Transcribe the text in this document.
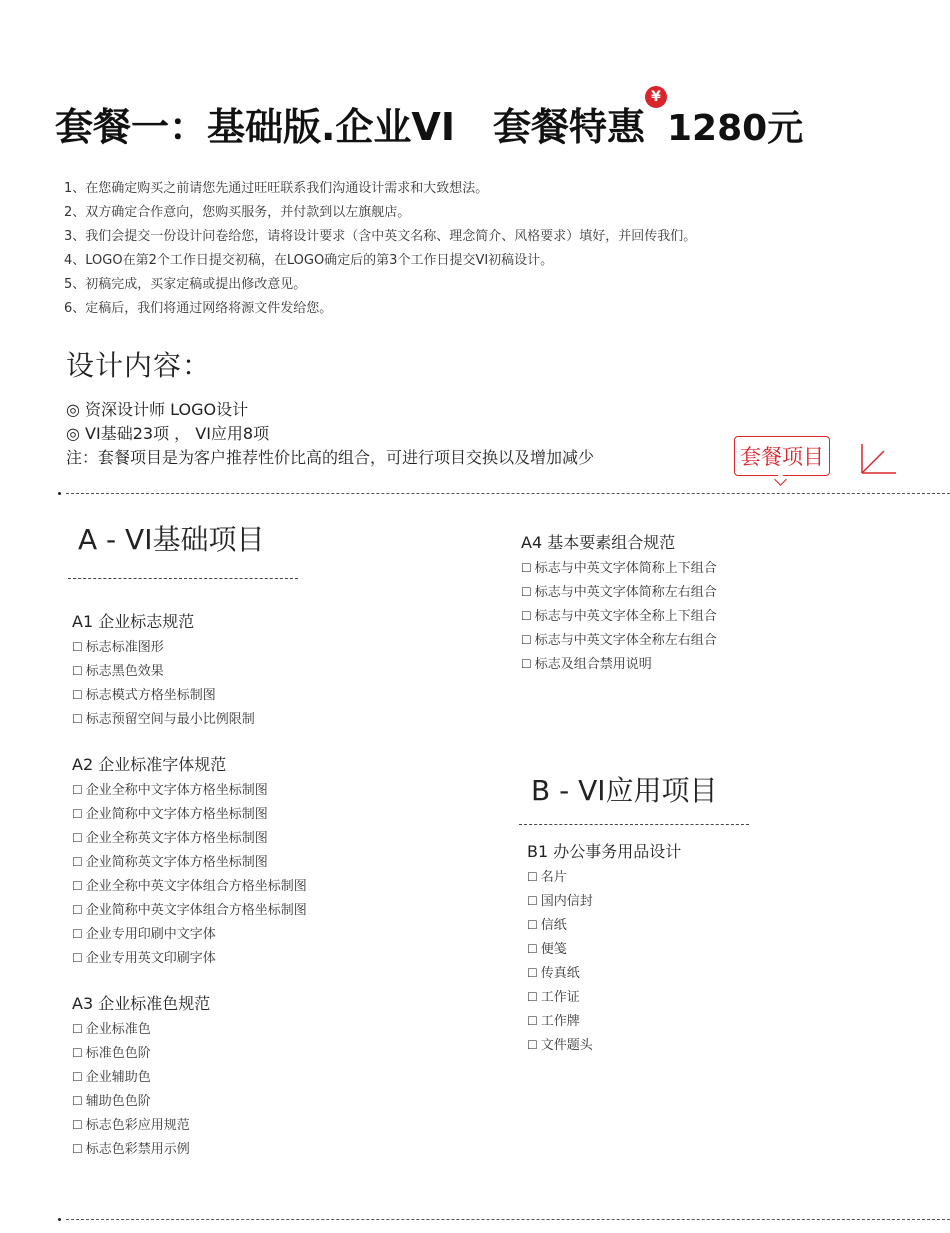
套餐一：基础版.企业VI 套餐特惠
¥
1280元
1、在您确定购买之前请您先通过旺旺联系我们沟通设计需求和大致想法。
2、双方确定合作意向，您购买服务，并付款到以左旗舰店。
3、我们会提交一份设计问卷给您，请将设计要求（含中英文名称、理念简介、风格要求）填好，并回传我们。
4、LOGO在第2个工作日提交初稿，在LOGO确定后的第3个工作日提交VI初稿设计。
5、初稿完成，买家定稿或提出修改意见。
6、定稿后，我们将通过网络将源文件发给您。
设计内容：
◎ 资深设计师 LOGO设计
◎ VI基础23项 ， VI应用8项
注：套餐项目是为客户推荐性价比高的组合，可进行项目交换以及增加减少	套餐项目
A - VI基础项目
A1 企业标志规范
☐ 标志标准图形
☐ 标志黑色效果
☐ 标志模式方格坐标制图
☐ 标志预留空间与最小比例限制
A2 企业标准字体规范
☐ 企业全称中文字体方格坐标制图
☐ 企业简称中文字体方格坐标制图
☐ 企业全称英文字体方格坐标制图
☐ 企业简称英文字体方格坐标制图
☐ 企业全称中英文字体组合方格坐标制图
☐ 企业简称中英文字体组合方格坐标制图
☐ 企业专用印刷中文字体
☐ 企业专用英文印刷字体
A3 企业标准色规范
☐ 企业标准色
☐ 标准色色阶
☐ 企业辅助色
☐ 辅助色色阶
☐ 标志色彩应用规范
☐ 标志色彩禁用示例
A4 基本要素组合规范
☐ 标志与中英文字体简称上下组合
☐ 标志与中英文字体简称左右组合
☐ 标志与中英文字体全称上下组合
☐ 标志与中英文字体全称左右组合
☐ 标志及组合禁用说明
B - VI应用项目
B1 办公事务用品设计
☐ 名片
☐ 国内信封
☐ 信纸
☐ 便笺
☐ 传真纸
☐ 工作证
☐ 工作牌
☐ 文件题头
